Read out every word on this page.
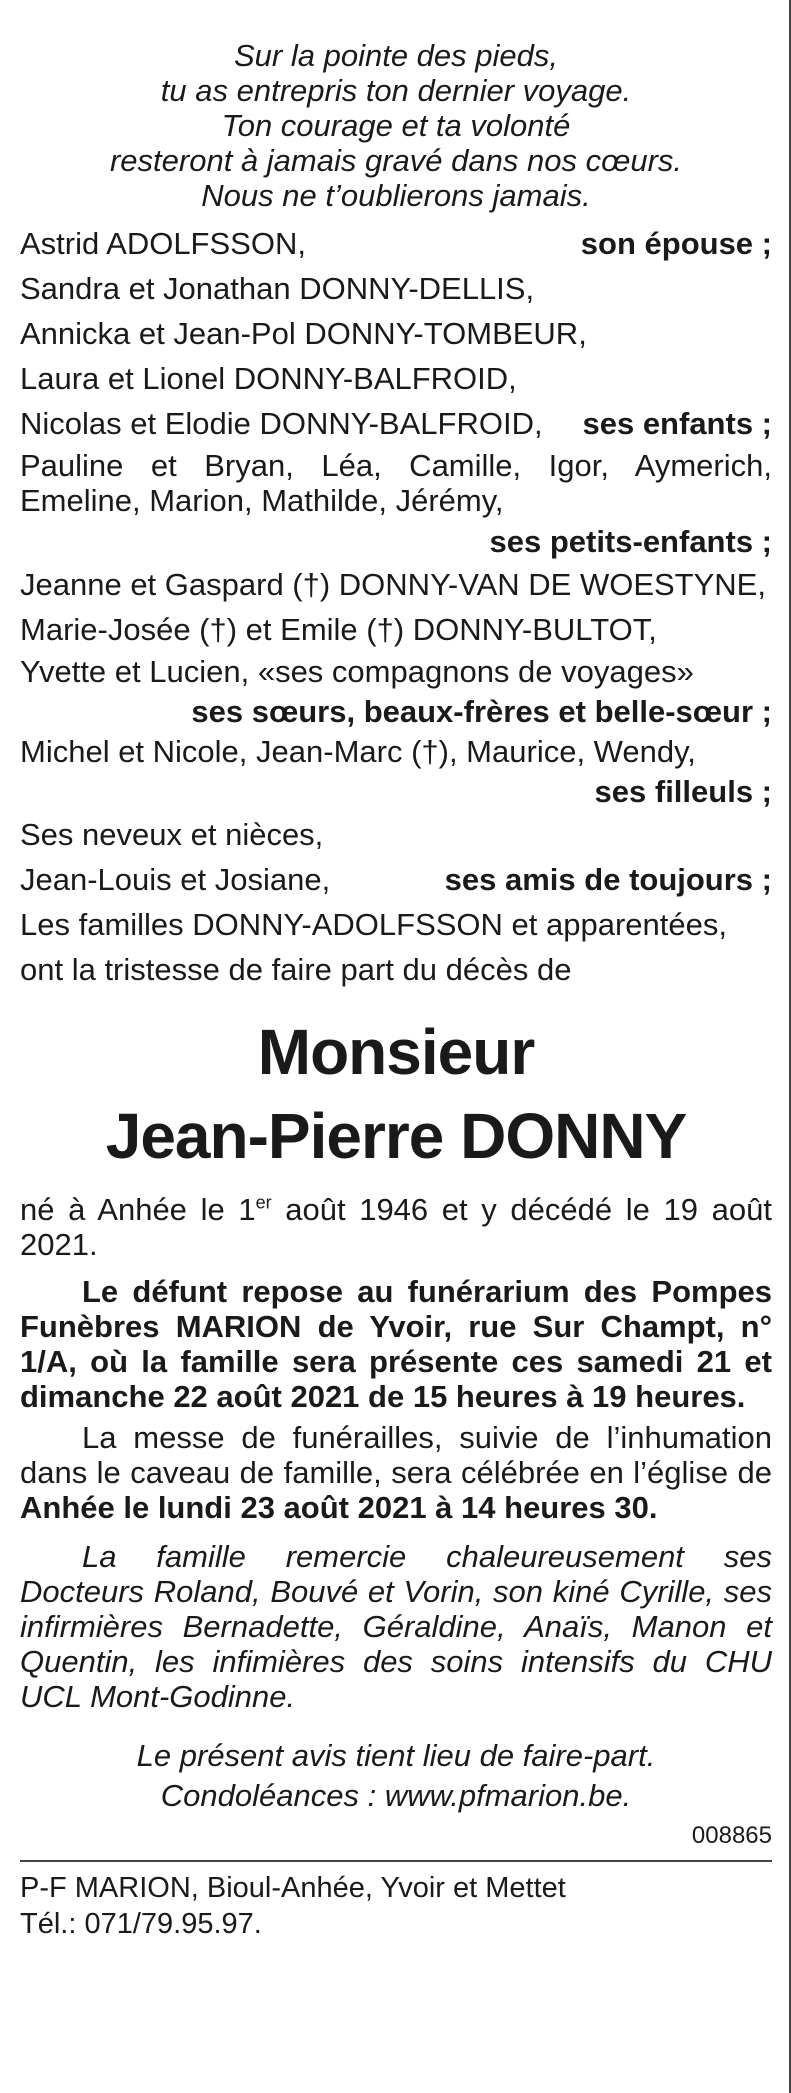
Sur la pointe des pieds,
tu as entrepris ton dernier voyage.
Ton courage et ta volonté
resteront à jamais gravé dans nos cœurs.
Nous ne t’oublierons jamais.
Astrid ADOLFSSON,	son épouse ;
Sandra et Jonathan DONNY-DELLIS,
Annicka et Jean-Pol DONNY-TOMBEUR,
Laura et Lionel DONNY-BALFROID,
Nicolas et Elodie DONNY-BALFROID, ses enfants ;
Pauline et Bryan, Léa, Camille, Igor, Aymerich, Emeline, Marion, Mathilde, Jérémy,
ses petits-enfants ;
Jeanne et Gaspard (†) DONNY-VAN DE WOESTYNE,
Marie-Josée (†) et Emile (†) DONNY-BULTOT,
Yvette et Lucien, «ses compagnons de voyages»
ses sœurs, beaux-frères et belle-sœur ;
Michel et Nicole, Jean-Marc (†), Maurice, Wendy,
ses filleuls ;
Ses neveux et nièces,
Jean-Louis et Josiane,	ses amis de toujours ;
Les familles DONNY-ADOLFSSON et apparentées,
ont la tristesse de faire part du décès de
Monsieur
Jean-Pierre DONNY
né à Anhée le 1er août 1946 et y décédé le 19 août 2021.
Le défunt repose au funérarium des Pompes Funèbres MARION de Yvoir, rue Sur Champt, n° 1/A, où la famille sera présente ces samedi 21 et dimanche 22 août 2021 de 15 heures à 19 heures.
La messe de funérailles, suivie de l’inhumation dans le caveau de famille, sera célébrée en l’église de Anhée le lundi 23 août 2021 à 14 heures 30.
La famille remercie chaleureusement ses Docteurs Roland, Bouvé et Vorin, son kiné Cyrille, ses infirmières Bernadette, Géraldine, Anaïs, Manon et Quentin, les infimières des soins intensifs du CHU UCL Mont-Godinne.
Le présent avis tient lieu de faire-part.
Condoléances : www.pfmarion.be.
008865
P-F MARION, Bioul-Anhée, Yvoir et Mettet
Tél.: 071/79.95.97.
